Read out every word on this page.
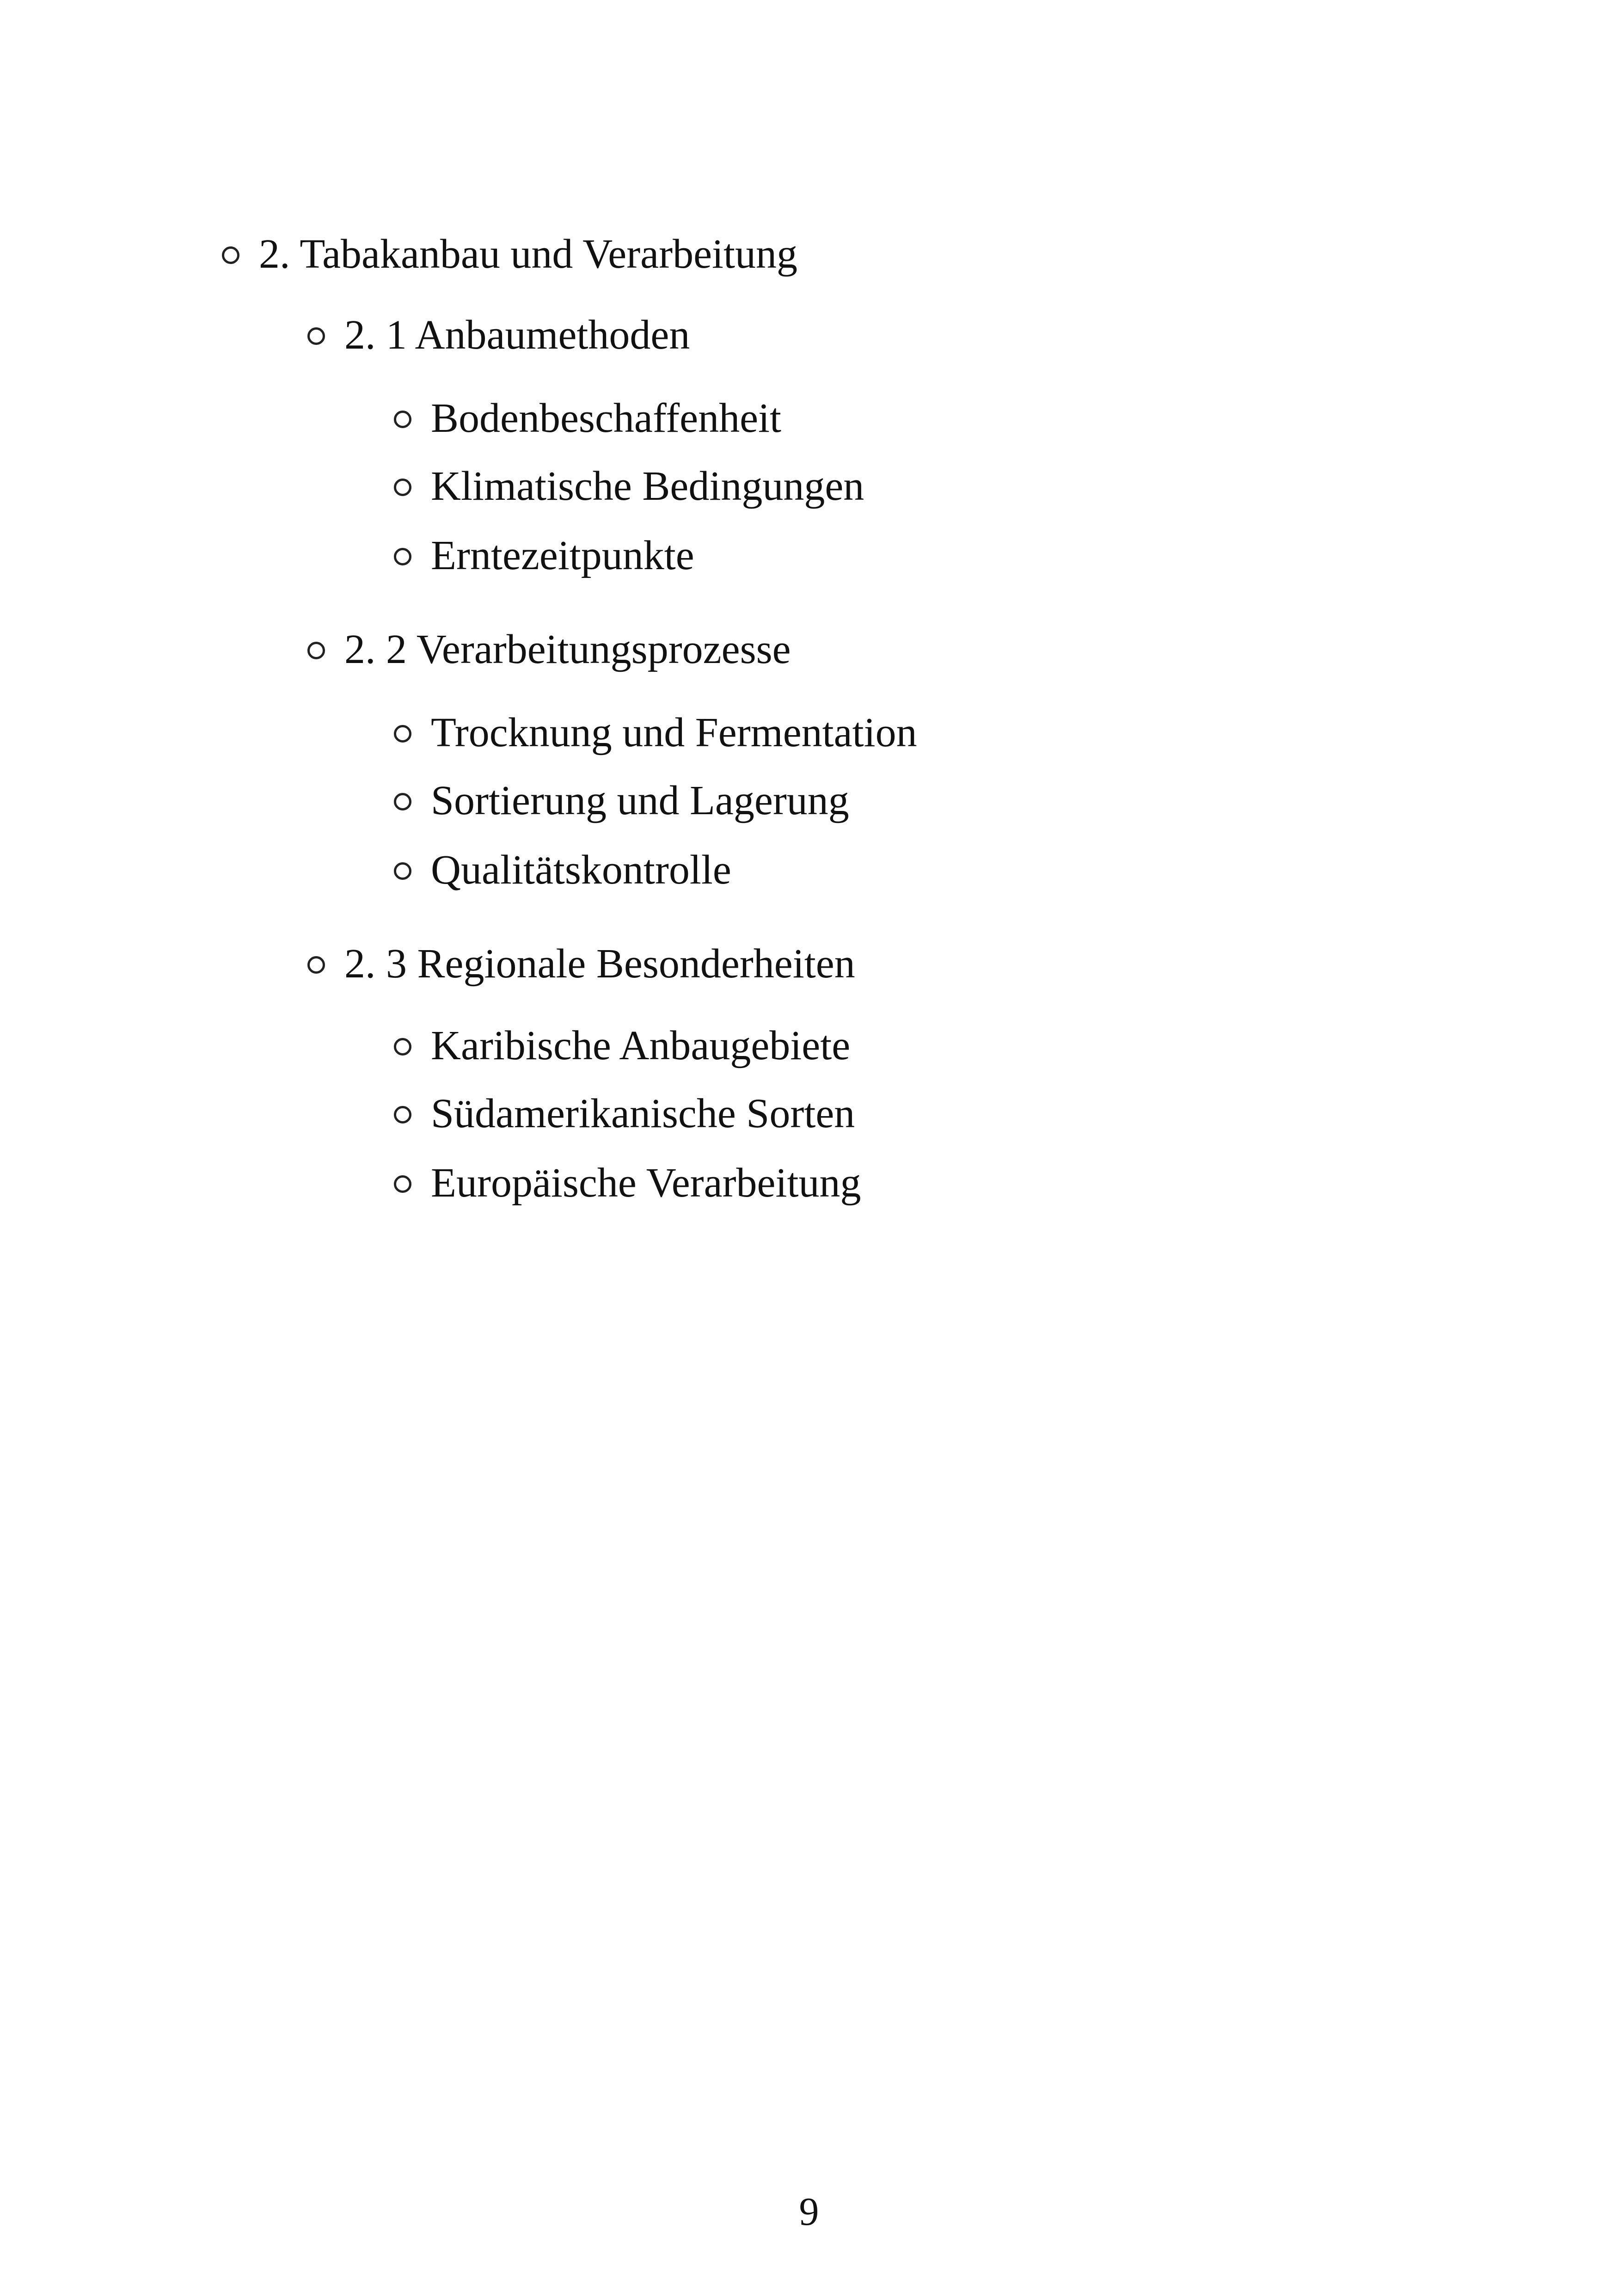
2. Tabakanbau und Verarbeitung
2. 1 Anbaumethoden
Bodenbeschaffenheit
Klimatische Bedingungen
Erntezeitpunkte
2. 2 Verarbeitungsprozesse
Trocknung und Fermentation
Sortierung und Lagerung
Qualitätskontrolle
2. 3 Regionale Besonderheiten
Karibische Anbaugebiete
Südamerikanische Sorten
Europäische Verarbeitung
9
